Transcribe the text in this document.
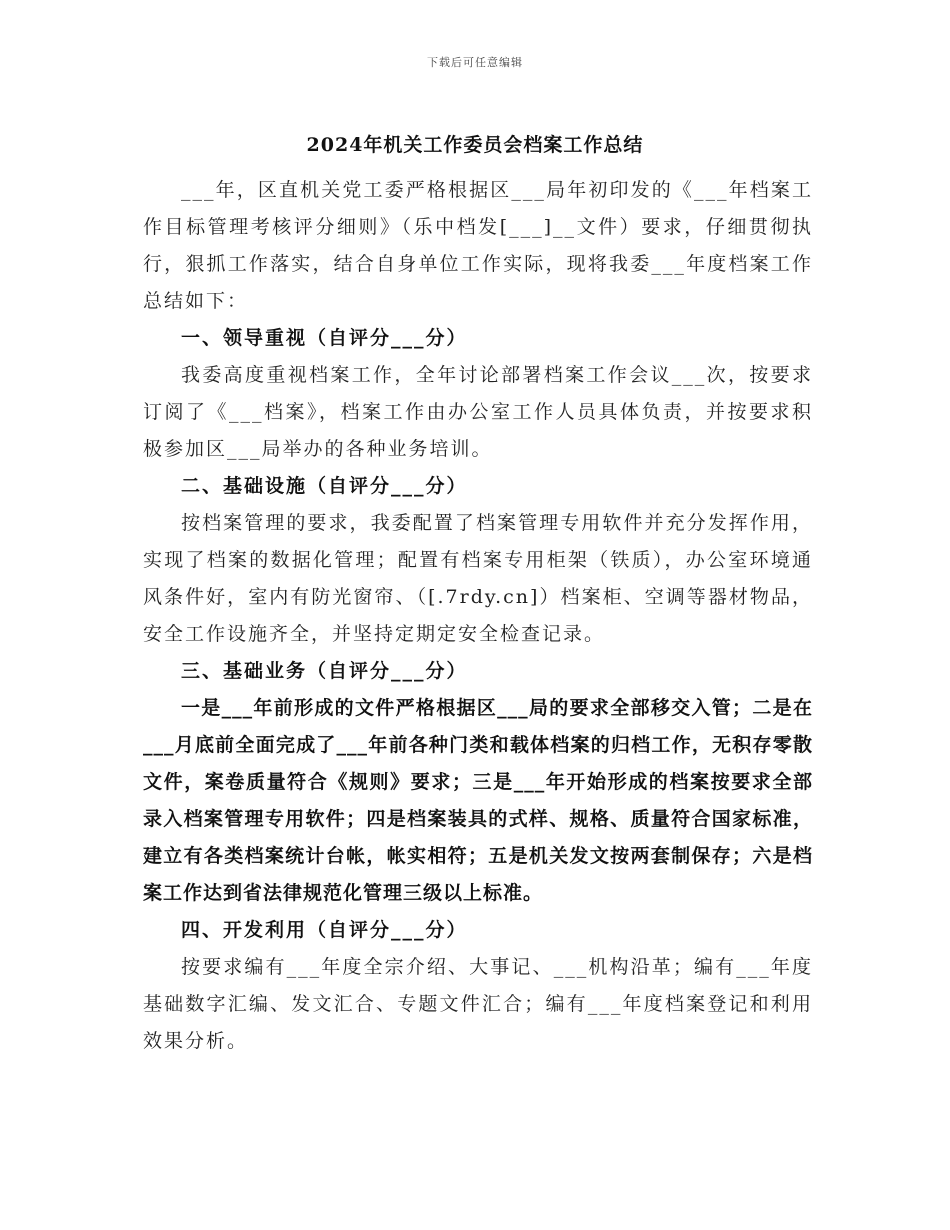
下载后可任意编辑
2024年机关工作委员会档案工作总结

___年，区直机关党工委严格根据区___局年初印发的《___年档案工作目标管理考核评分细则》（乐中档发[___]__文件）要求，仔细贯彻执行，狠抓工作落实，结合自身单位工作实际，现将我委___年度档案工作总结如下：

一、领导重视（自评分___分）

我委高度重视档案工作，全年讨论部署档案工作会议___次，按要求订阅了《___档案》，档案工作由办公室工作人员具体负责，并按要求积极参加区___局举办的各种业务培训。

二、基础设施（自评分___分）

按档案管理的要求，我委配置了档案管理专用软件并充分发挥作用，实现了档案的数据化管理；配置有档案专用柜架（铁质），办公室环境通风条件好，室内有防光窗帘、（[.7rdy.cn]）档案柜、空调等器材物品，安全工作设施齐全，并坚持定期定安全检查记录。

三、基础业务（自评分___分）

一是___年前形成的文件严格根据区___局的要求全部移交入管；二是在___月底前全面完成了___年前各种门类和载体档案的归档工作，无积存零散文件，案卷质量符合《规则》要求；三是___年开始形成的档案按要求全部录入档案管理专用软件；四是档案装具的式样、规格、质量符合国家标准，建立有各类档案统计台帐，帐实相符；五是机关发文按两套制保存；六是档案工作达到省法律规范化管理三级以上标准。

四、开发利用（自评分___分）

按要求编有___年度全宗介绍、大事记、___机构沿革；编有___年度基础数字汇编、发文汇合、专题文件汇合；编有___年度档案登记和利用效果分析。
